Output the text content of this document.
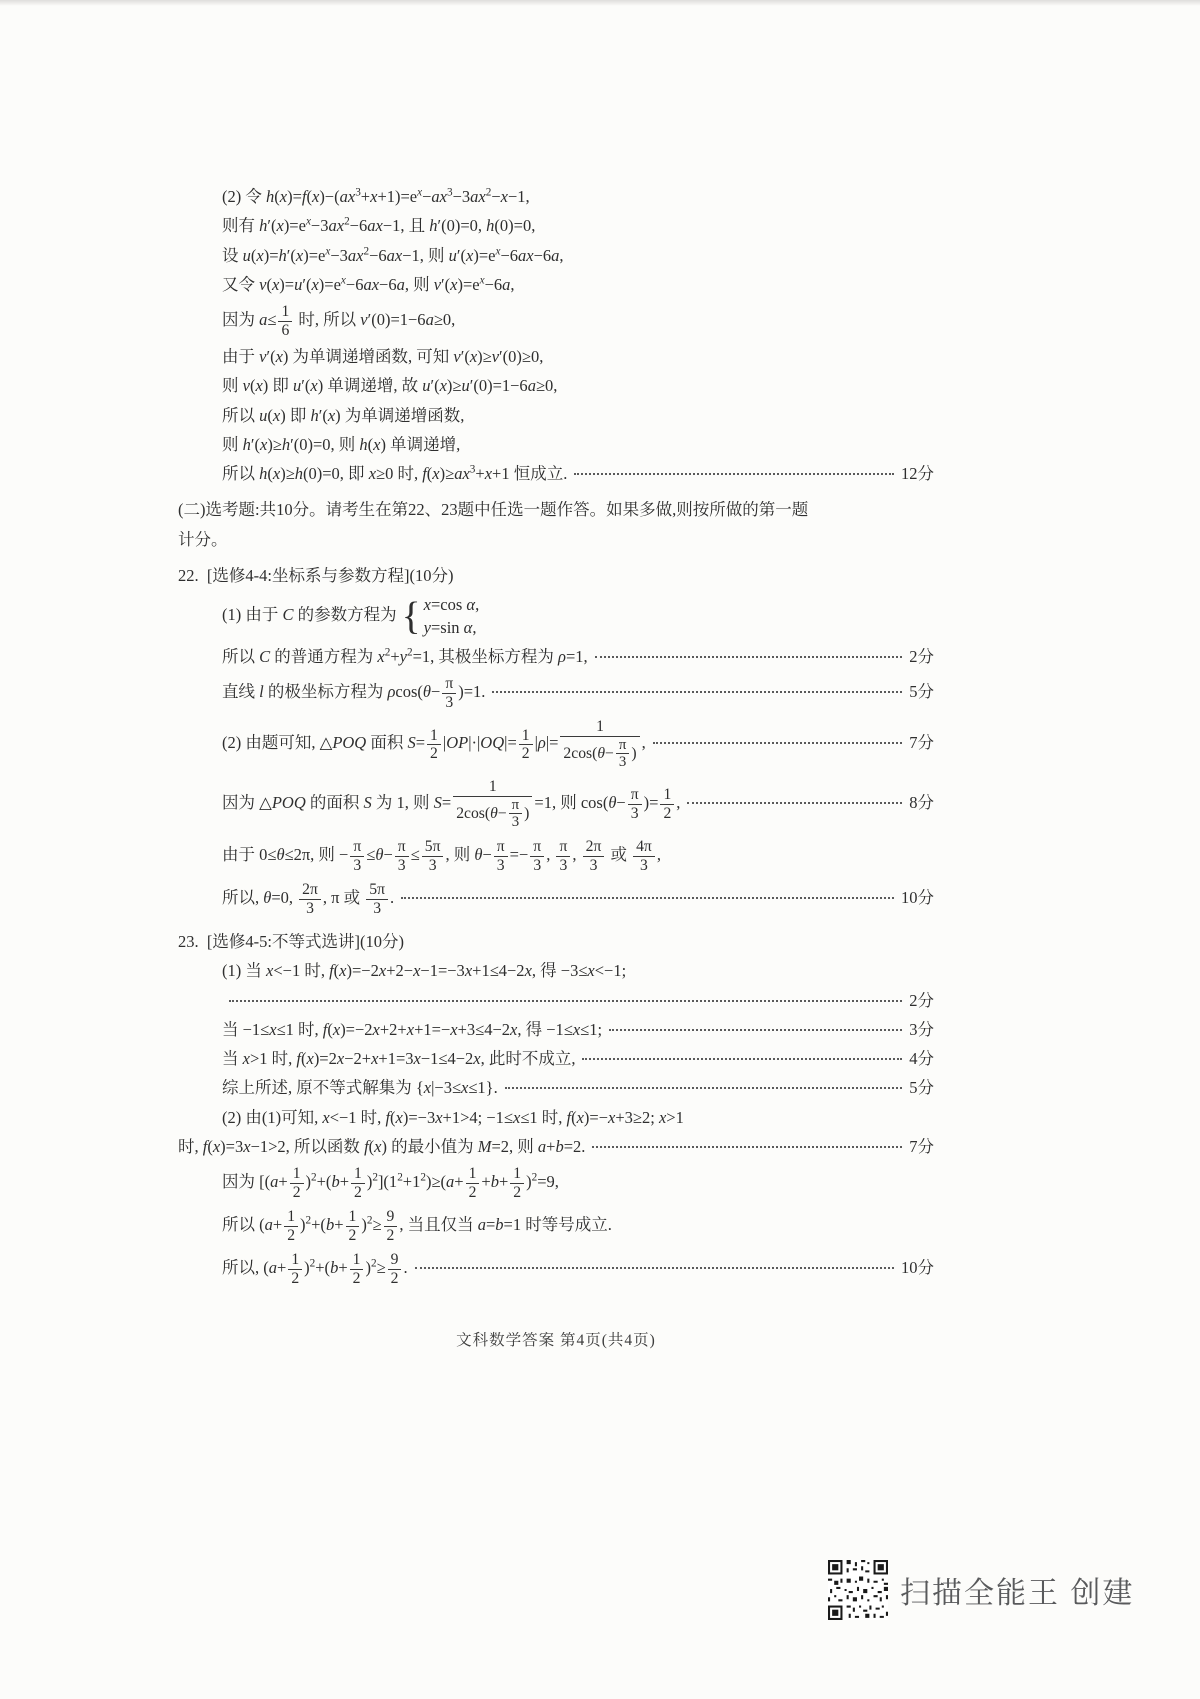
(2) 令 $h(x)=f(x)-(ax^3+x+1)=e^x-ax^3-3ax^2-x-1$,
则有 $h'(x)=e^x-3ax^2-6ax-1$, 且 h′(0)=0, h(0)=0,
设 $u(x)=h'(x)=e^x-3ax^2-6ax-1$, 则 $u'(x)=e^x-6ax-6a$,
又令 $v(x)=u'(x)=e^x-6ax-6a$, 则 $v'(x)=e^x-6a$,
因为 $a\le \frac{1}{6}$ 时, 所以 v′(0)=1−6a≥0,
由于 v′(x) 为单调递增函数, 可知 v′(x)≥v′(0)≥0,
则 v(x) 即 u′(x) 单调递增, 故 u′(x)≥u′(0)=1−6a≥0,
所以 u(x) 即 h′(x) 为单调递增函数,
则 h′(x)≥h′(0)=0, 则 h(x) 单调递增,
所以 h(x)≥h(0)=0, 即 x≥0 时, $f(x)\ge ax^3+x+1$ 恒成立.	12分
(二)选考题:共10分。请考生在第22、23题中任选一题作答。如果多做,则按所做的第一题
计分。
22.  [选修4-4:坐标系与参数方程](10分)
(1) 由于 C 的参数方程为 { x=cos α,
y=sin α,
所以 C 的普通方程为 $x^2+y^2=1$, 其极坐标方程为 ρ=1,	2分
直线 l 的极坐标方程为 $\rho\cos(\theta- \frac{\pi}{3} )=1$.	5分
(2) 由题可知, △POQ 面积 $S= \frac{1}{2} |OP|\cdot|OQ|= \frac{1}{2} |\rho|= \frac{1}{2\cos(\theta- \frac{\pi}{3} )}$ ,	7分
因为 △POQ 的面积 S 为 1, 则 $S= \frac{1}{2\cos(\theta- \frac{\pi}{3} )} =1$, 则 $\cos(\theta- \frac{\pi}{3}$ )= $\frac{1}{2}$ ,	8分
由于 0≤θ≤2π, 则 − $\frac{\pi}{3} \le\theta- \frac{\pi}{3} \le \frac{5\pi}{3}$ , 则 $\theta- \frac{\pi}{3} =- \frac{\pi}{3}$ , $\frac{\pi}{3}$ , $\frac{2\pi}{3}$ 或 $\frac{4\pi}{3}$ ,
所以, θ=0, $\frac{2\pi}{3}$ , π 或 $\frac{5\pi}{3}$ .	10分
23.  [选修4-5:不等式选讲](10分)
(1) 当 x<−1 时, f(x)=−2x+2−x−1=−3x+1≤4−2x, 得 −3≤x<−1;
2分
当 −1≤x≤1 时, f(x)=−2x+2+x+1=−x+3≤4−2x, 得 −1≤x≤1;	3分
当 x>1 时, f(x)=2x−2+x+1=3x−1≤4−2x, 此时不成立,	4分
综上所述, 原不等式解集为 {x|−3≤x≤1}.	5分
(2) 由(1)可知, x<−1 时, f(x)=−3x+1>4; −1≤x≤1 时, f(x)=−x+3≥2; x>1
时, f(x)=3x−1>2, 所以函数 f(x) 的最小值为 M=2, 则 a+b=2.	7分
因为 $[(a+ \frac{1}{2} )^2+(b+ \frac{1}{2} )^2](1^2+1^2)\ge(a+ \frac{1}{2} +b+ \frac{1}{2} )^2=9$,
所以 $(a+ \frac{1}{2} )^2+(b+ \frac{1}{2} )^2\ge \frac{9}{2}$ , 当且仅当 a=b=1 时等号成立.
所以, $(a+ \frac{1}{2} )^2+(b+ \frac{1}{2} )^2\ge \frac{9}{2}$ .	10分
文科数学答案 第4页(共4页)
扫描全能王 创建
